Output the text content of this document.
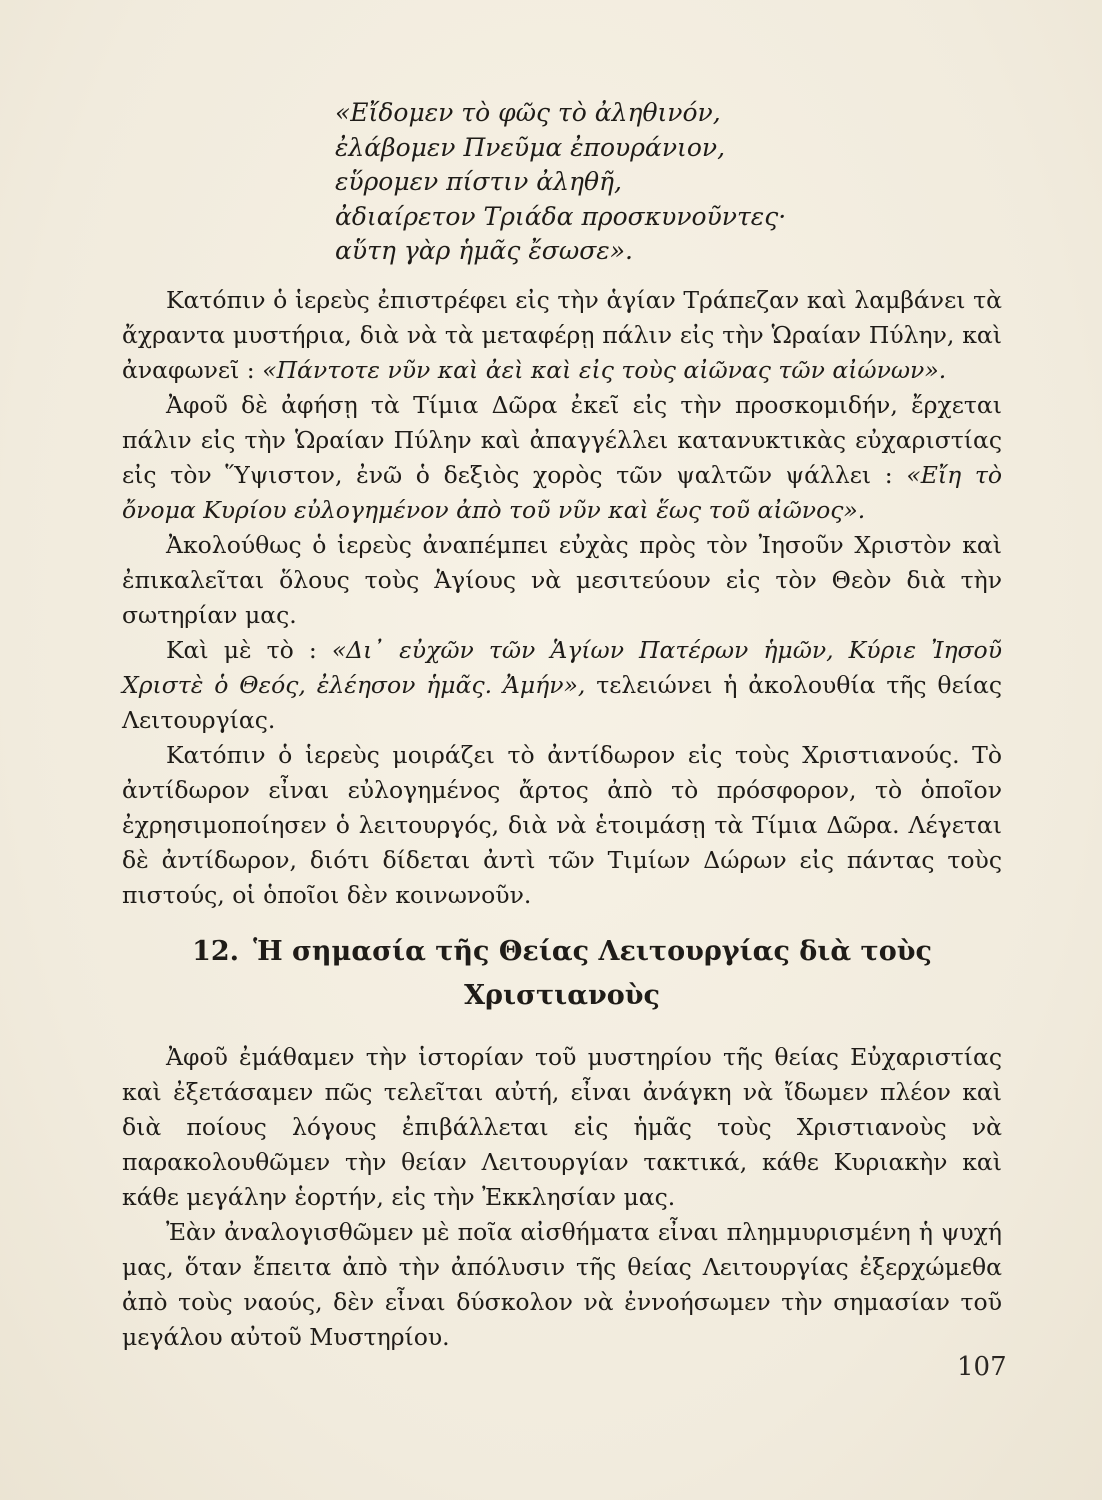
«Εἴδομεν τὸ φῶς τὸ ἀληθινόν,
ἐλάβομεν Πνεῦμα ἐπουράνιον,
εὕρομεν πίστιν ἀληθῆ,
ἀδιαίρετον Τριάδα προσκυνοῦντες·
αὕτη γὰρ ἡμᾶς ἔσωσε».

Κατόπιν ὁ ἱερεὺς ἐπιστρέφει εἰς τὴν ἁγίαν Τράπεζαν καὶ λαμβάνει τὰ ἄχραντα μυστήρια, διὰ νὰ τὰ μεταφέρῃ πάλιν εἰς τὴν Ὡραίαν Πύλην, καὶ ἀναφωνεῖ : «Πάντοτε νῦν καὶ ἀεὶ καὶ εἰς τοὺς αἰῶνας τῶν αἰώνων».

Ἀφοῦ δὲ ἀφήσῃ τὰ Τίμια Δῶρα ἐκεῖ εἰς τὴν προσκομιδήν, ἔρχεται πάλιν εἰς τὴν Ὡραίαν Πύλην καὶ ἀπαγγέλλει κατανυκτικὰς εὐχαριστίας εἰς τὸν Ὕψιστον, ἐνῶ ὁ δεξιὸς χορὸς τῶν ψαλτῶν ψάλλει : «Εἴη τὸ ὄνομα Κυρίου εὐλογημένον ἀπὸ τοῦ νῦν καὶ ἕως τοῦ αἰῶνος».

Ἀκολούθως ὁ ἱερεὺς ἀναπέμπει εὐχὰς πρὸς τὸν Ἰησοῦν Χριστὸν καὶ ἐπικαλεῖται ὅλους τοὺς Ἁγίους νὰ μεσιτεύουν εἰς τὸν Θεὸν διὰ τὴν σωτηρίαν μας.

Καὶ μὲ τὸ : «Δι᾿ εὐχῶν τῶν Ἁγίων Πατέρων ἡμῶν, Κύριε Ἰησοῦ Χριστὲ ὁ Θεός, ἐλέησον ἡμᾶς. Ἀμήν», τελειώνει ἡ ἀκολουθία τῆς θείας Λειτουργίας.

Κατόπιν ὁ ἱερεὺς μοιράζει τὸ ἀντίδωρον εἰς τοὺς Χριστιανούς. Τὸ ἀντίδωρον εἶναι εὐλογημένος ἄρτος ἀπὸ τὸ πρόσφορον, τὸ ὁποῖον ἐχρησιμοποίησεν ὁ λειτουργός, διὰ νὰ ἑτοιμάσῃ τὰ Τίμια Δῶρα. Λέγεται δὲ ἀντίδωρον, διότι δίδεται ἀντὶ τῶν Τιμίων Δώρων εἰς πάντας τοὺς πιστούς, οἱ ὁποῖοι δὲν κοινωνοῦν.

12. Ἡ σημασία τῆς Θείας Λειτουργίας διὰ τοὺς Χριστιανοὺς

Ἀφοῦ ἐμάθαμεν τὴν ἱστορίαν τοῦ μυστηρίου τῆς θείας Εὐχαριστίας καὶ ἐξετάσαμεν πῶς τελεῖται αὐτή, εἶναι ἀνάγκη νὰ ἴδωμεν πλέον καὶ διὰ ποίους λόγους ἐπιβάλλεται εἰς ἡμᾶς τοὺς Χριστιανοὺς νὰ παρακολουθῶμεν τὴν θείαν Λειτουργίαν τακτικά, κάθε Κυριακὴν καὶ κάθε μεγάλην ἑορτήν, εἰς τὴν Ἐκκλησίαν μας.

Ἐὰν ἀναλογισθῶμεν μὲ ποῖα αἰσθήματα εἶναι πλημμυρισμένη ἡ ψυχή μας, ὅταν ἔπειτα ἀπὸ τὴν ἀπόλυσιν τῆς θείας Λειτουργίας ἐξερχώμεθα ἀπὸ τοὺς ναούς, δὲν εἶναι δύσκολον νὰ ἐννοήσωμεν τὴν σημασίαν τοῦ μεγάλου αὐτοῦ Μυστηρίου.

107
